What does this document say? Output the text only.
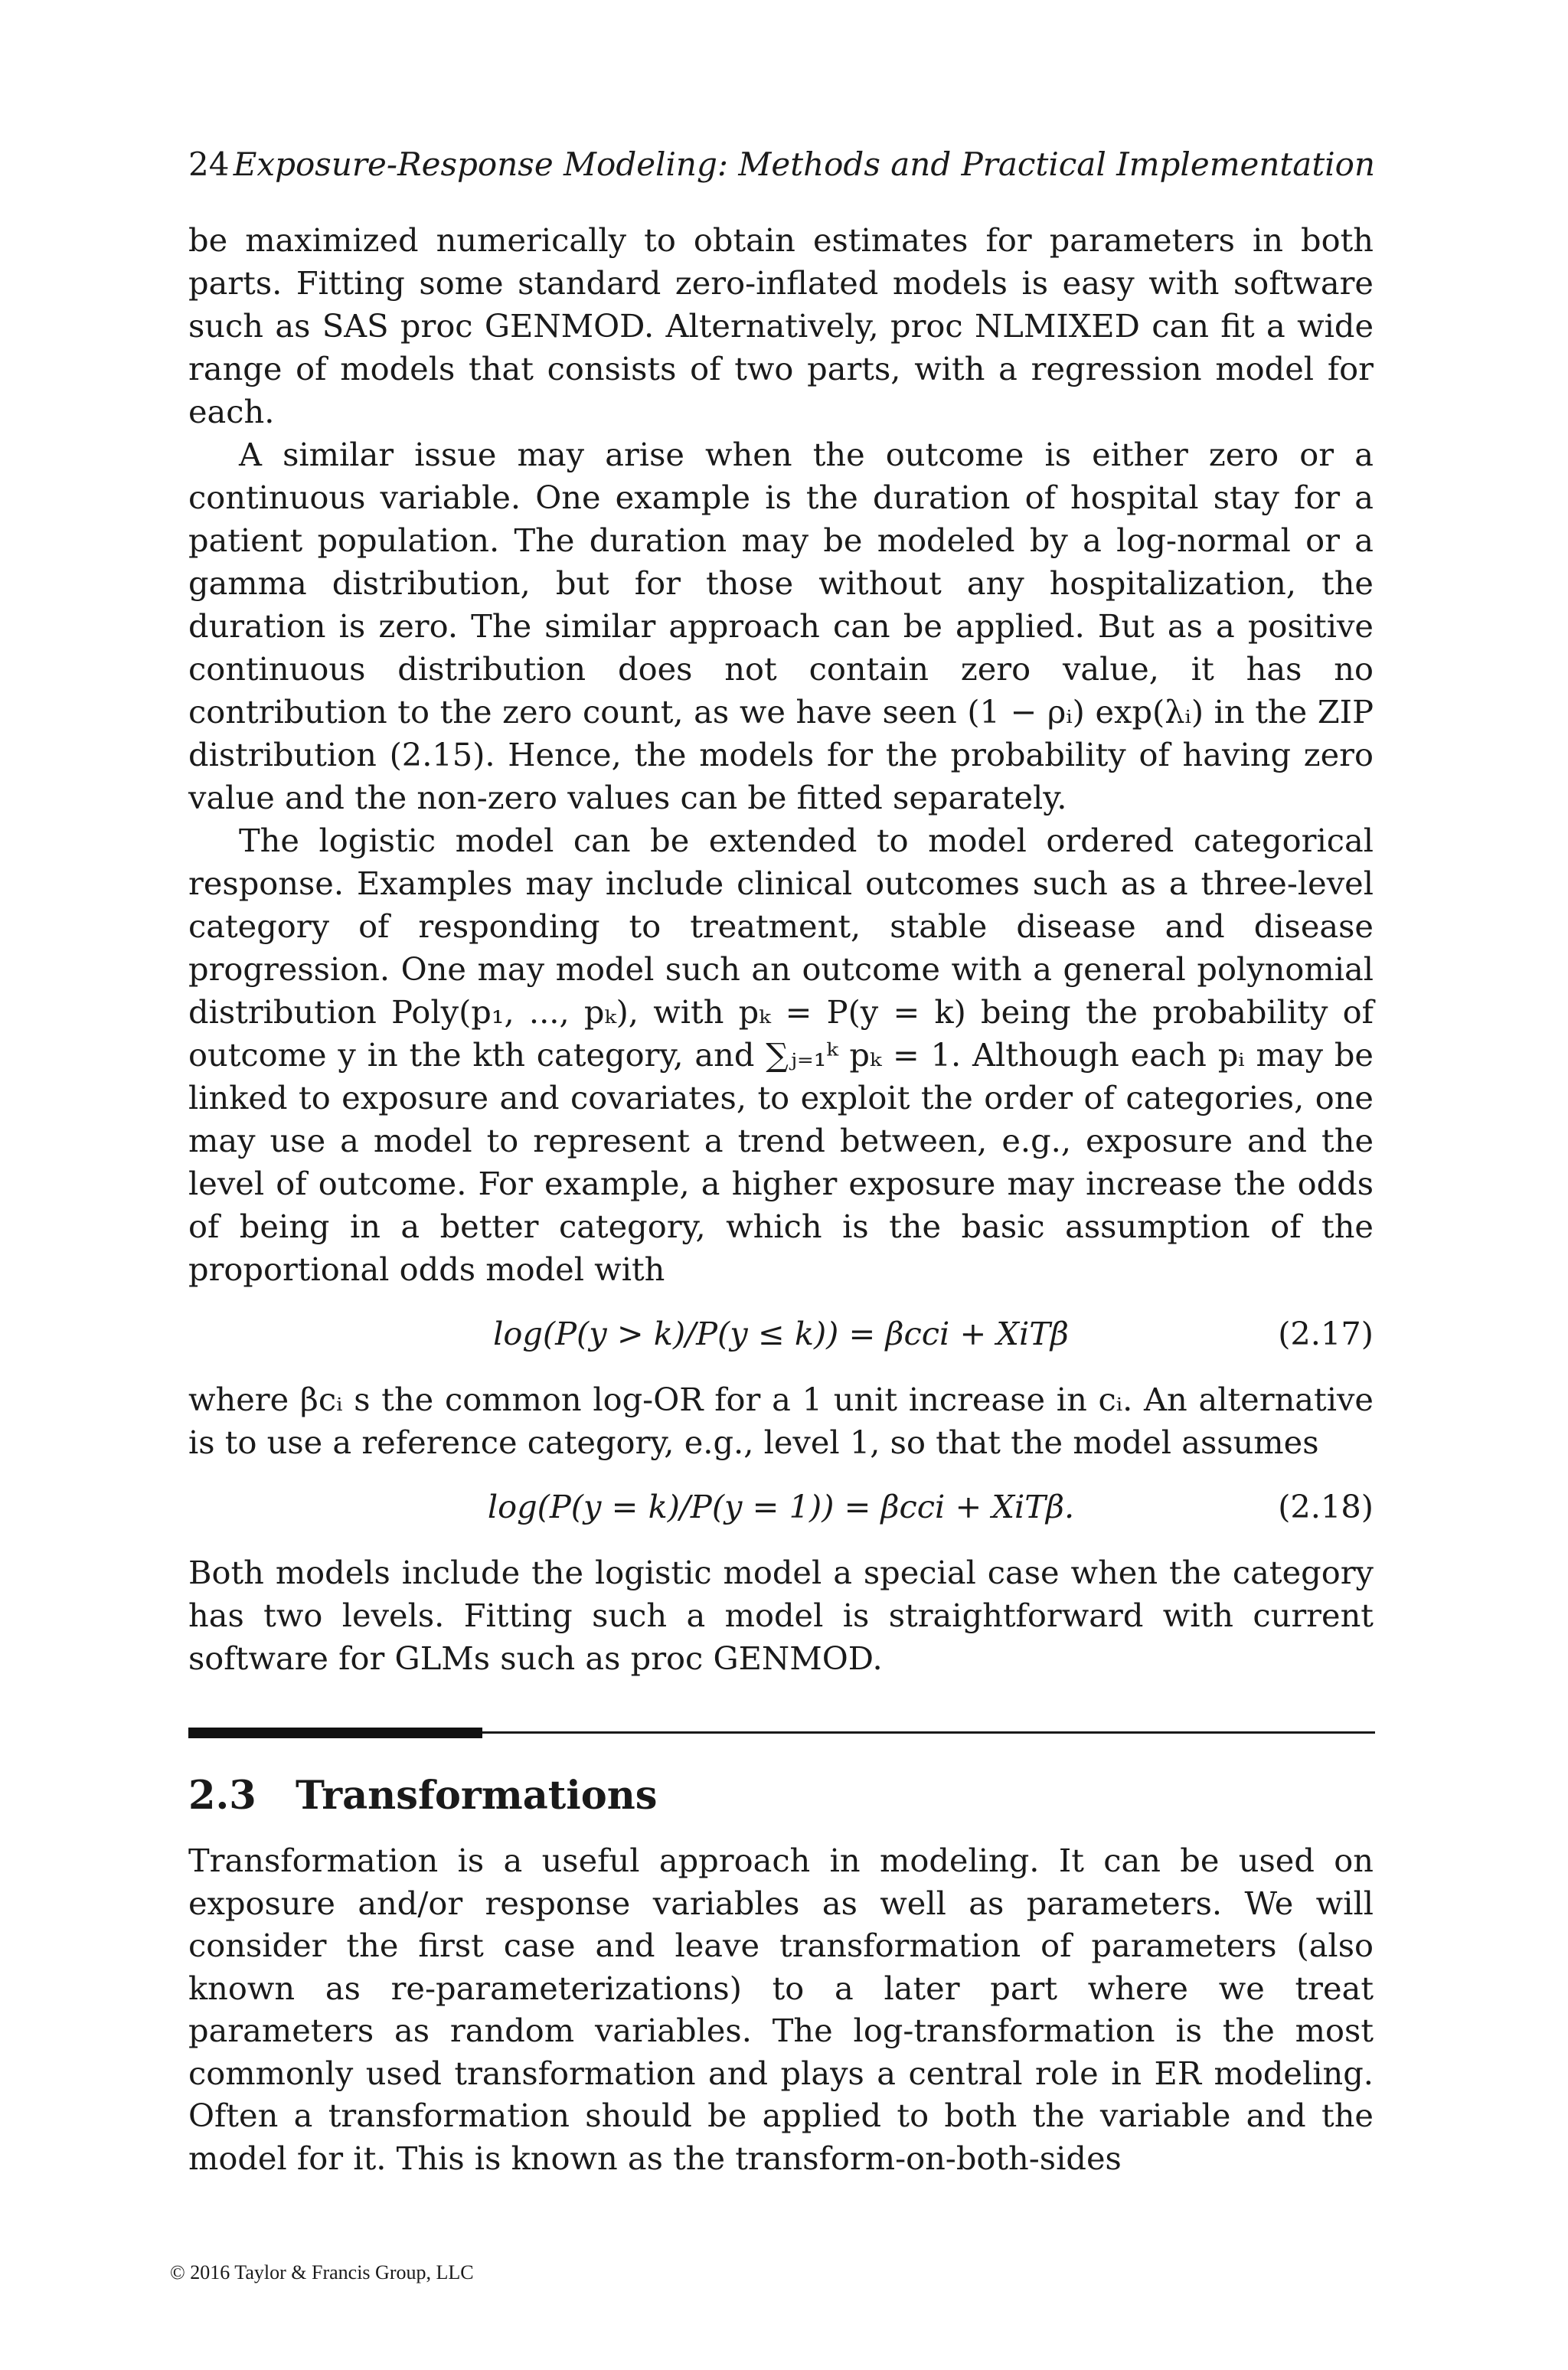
24 Exposure-Response Modeling: Methods and Practical Implementation

be maximized numerically to obtain estimates for parameters in both parts. Fitting some standard zero-inflated models is easy with software such as SAS proc GENMOD. Alternatively, proc NLMIXED can fit a wide range of models that consists of two parts, with a regression model for each.

A similar issue may arise when the outcome is either zero or a continuous variable. One example is the duration of hospital stay for a patient population. The duration may be modeled by a log-normal or a gamma distribution, but for those without any hospitalization, the duration is zero. The similar approach can be applied. But as a positive continuous distribution does not contain zero value, it has no contribution to the zero count, as we have seen (1 − ρᵢ) exp(λᵢ) in the ZIP distribution (2.15). Hence, the models for the probability of having zero value and the non-zero values can be fitted separately.

The logistic model can be extended to model ordered categorical response. Examples may include clinical outcomes such as a three-level category of responding to treatment, stable disease and disease progression. One may model such an outcome with a general polynomial distribution Poly(p₁, ..., pₖ), with pₖ = P(y = k) being the probability of outcome y in the kth category, and ∑ⱼ₌₁ᵏ pₖ = 1. Although each pᵢ may be linked to exposure and covariates, to exploit the order of categories, one may use a model to represent a trend between, e.g., exposure and the level of outcome. For example, a higher exposure may increase the odds of being in a better category, which is the basic assumption of the proportional odds model with

log(P(y > k)/P(y ≤ k)) = βcci + XiTβ	(2.17)

where βcᵢ s the common log-OR for a 1 unit increase in cᵢ. An alternative is to use a reference category, e.g., level 1, so that the model assumes

log(P(y = k)/P(y = 1)) = βcci + XiTβ.	(2.18)

Both models include the logistic model a special case when the category has two levels. Fitting such a model is straightforward with current software for GLMs such as proc GENMOD.

2.3 Transformations

Transformation is a useful approach in modeling. It can be used on exposure and/or response variables as well as parameters. We will consider the first case and leave transformation of parameters (also known as re-parameterizations) to a later part where we treat parameters as random variables. The log-transformation is the most commonly used transformation and plays a central role in ER modeling. Often a transformation should be applied to both the variable and the model for it. This is known as the transform-on-both-sides

© 2016 Taylor & Francis Group, LLC
